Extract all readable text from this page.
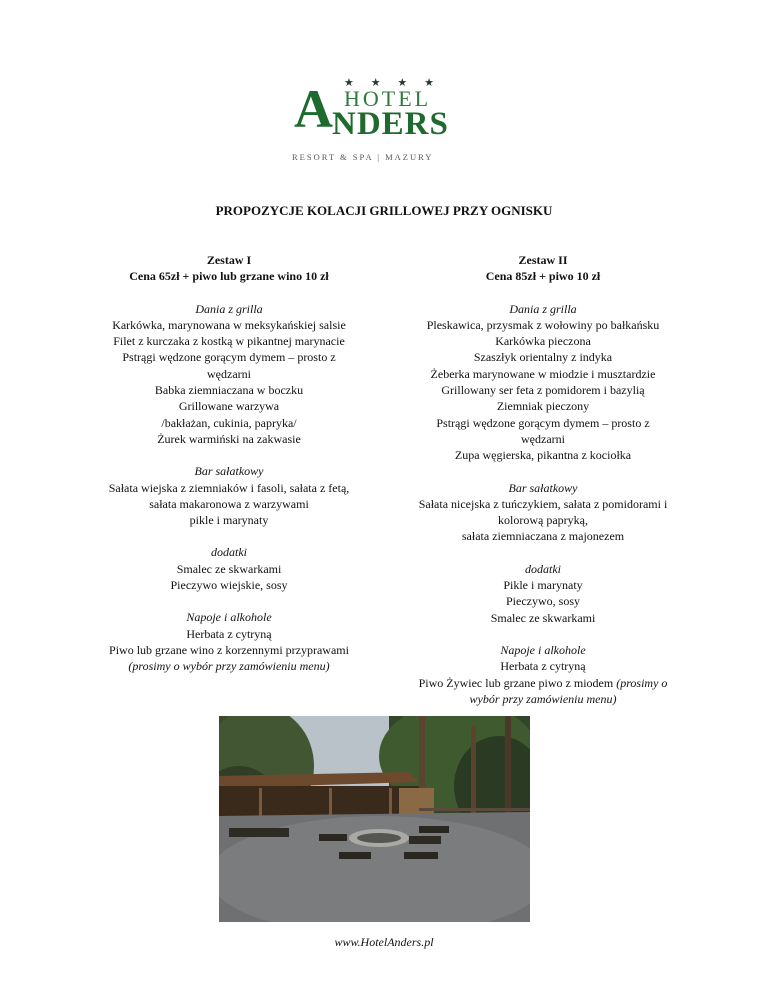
★ ★ ★ ★
HOTEL
A NDERS
RESORT & SPA | MAZURY
PROPOZYCJE KOLACJI GRILLOWEJ PRZY OGNISKU
Zestaw I
Cena 65zł + piwo lub grzane wino 10 zł
Dania z grilla
Karkówka, marynowana w meksykańskiej salsie
Filet z kurczaka z kostką w pikantnej marynacie
Pstrągi wędzone gorącym dymem – prosto z
wędzarni
Babka ziemniaczana w boczku
Grillowane warzywa
/bakłażan, cukinia, papryka/
Żurek warmiński na zakwasie
Bar sałatkowy
Sałata wiejska z ziemniaków i fasoli, sałata z fetą,
sałata makaronowa z warzywami
pikle i marynaty
dodatki
Smalec ze skwarkami
Pieczywo wiejskie, sosy
Napoje i alkohole
Herbata z cytryną
Piwo lub grzane wino z korzennymi przyprawami
(prosimy o wybór przy zamówieniu menu)
Zestaw II
Cena 85zł + piwo 10 zł
Dania z grilla
Pleskawica, przysmak z wołowiny po bałkańsku
Karkówka pieczona
Szaszłyk orientalny z indyka
Żeberka marynowane w miodzie i musztardzie
Grillowany ser feta z pomidorem i bazylią
Ziemniak pieczony
Pstrągi wędzone gorącym dymem – prosto z
wędzarni
Zupa węgierska, pikantna z kociołka
Bar sałatkowy
Sałata nicejska z tuńczykiem, sałata z pomidorami i
kolorową papryką,
sałata ziemniaczana z majonezem
dodatki
Pikle i marynaty
Pieczywo, sosy
Smalec ze skwarkami
Napoje i alkohole
Herbata z cytryną
Piwo Żywiec lub grzane piwo z miodem (prosimy o
wybór przy zamówieniu menu)
www.HotelAnders.pl
